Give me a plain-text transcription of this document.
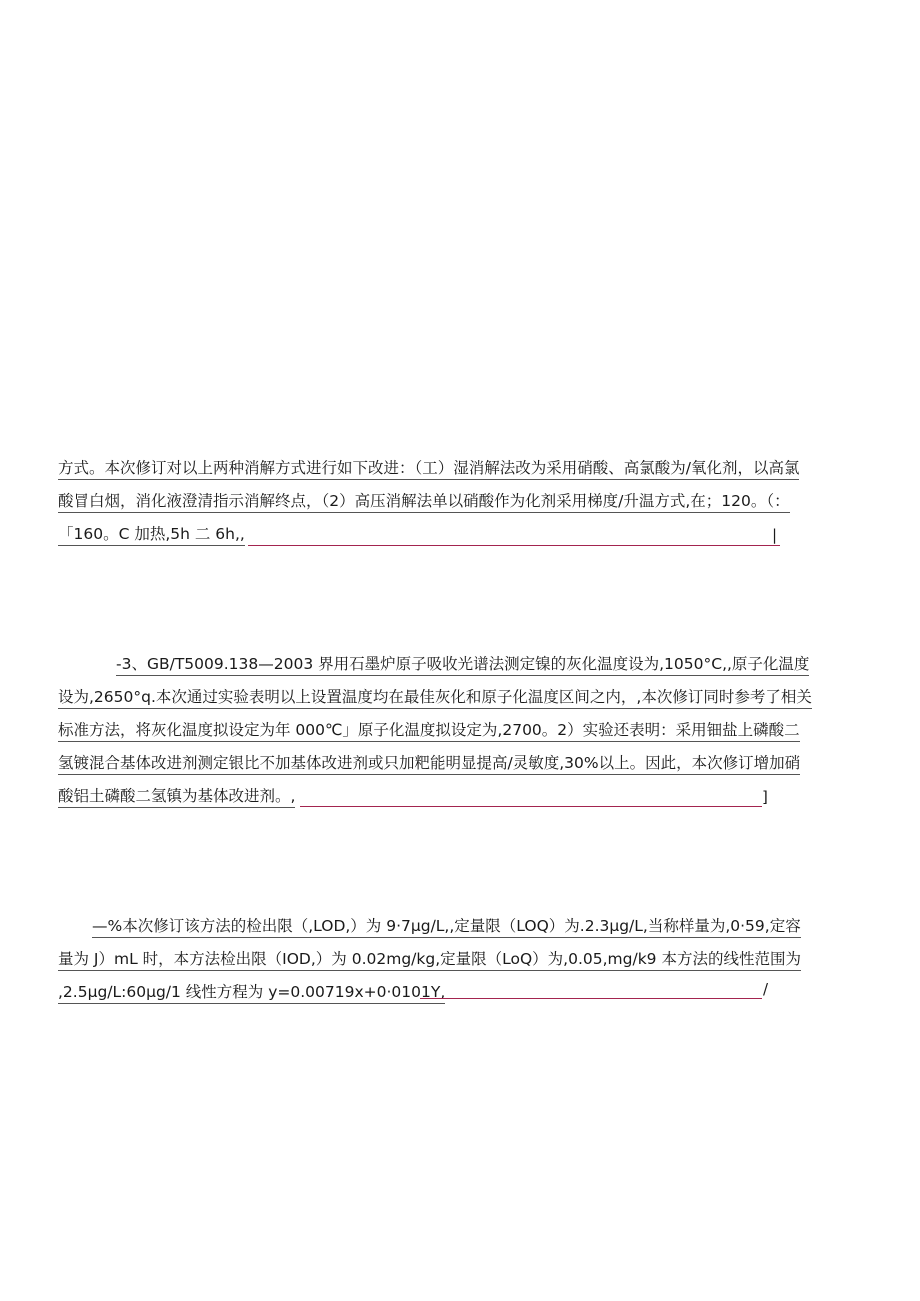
方式。本次修订对以上两种消解方式进行如下改进：（工）湿消解法改为采用硝酸、高氯酸为/氧化剂，以高氯
酸冒白烟，消化液澄清指示消解终点，（2）高压消解法单以硝酸作为化剂采用梯度/升温方式,在；120。（：
「160。C 加热,5h 二 6h,,	|
-3、GB/T5009.138—2003 界用石墨炉原子吸收光谱法测定镍的灰化温度设为,1050°C,,原子化温度
设为,2650°q.本次通过实验表明以上设置温度均在最佳灰化和原子化温度区间之内，,本次修订同时参考了相关
标准方法，将灰化温度拟设定为年 000℃」原子化温度拟设定为,2700。2）实验还表明：采用钿盐上磷酸二
氢镀混合基体改进剂测定银比不加基体改进剂或只加粑能明显提高/灵敏度,30%以上。因此，本次修订增加硝
酸铝土磷酸二氢镇为基体改进剂。,	]
—%本次修订该方法的检出限（,LOD,）为 9·7μg∕L,,定量限（LOQ）为.2.3μg∕L,当称样量为,0·59,定容
量为 J）mL 时，本方法检出限（IOD,）为 0.02mg∕kg,定量限（LoQ）为,0.05,mg∕k9 本方法的线性范围为
,2.5μg∕L:60μg∕1 线性方程为 y=0.00719x+0·0101Y,	/
